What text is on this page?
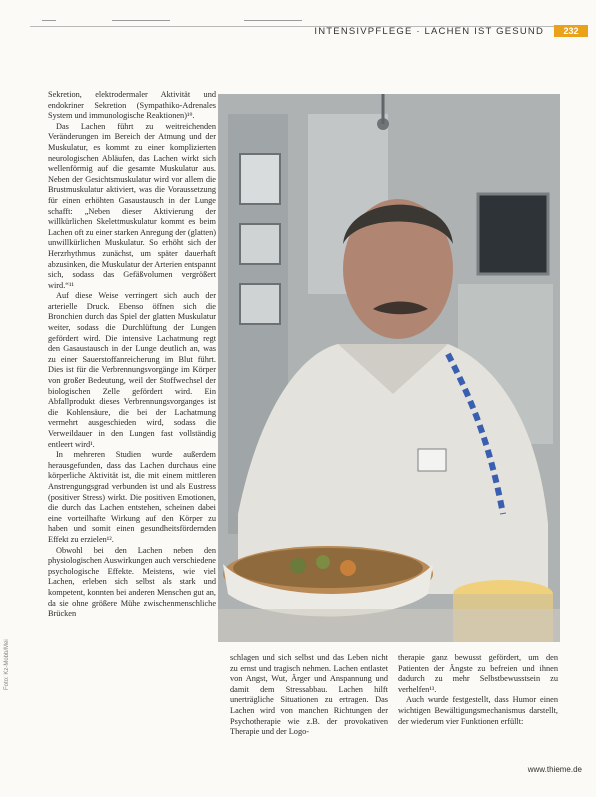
INTENSIVPFLEGE · LACHEN IST GESUND	232

Sekretion, elektrodermaler Aktivität und endokriner Sekretion (Sympathiko-Adrenales System und immunologische Reaktionen)¹⁹.

Das Lachen führt zu weitreichenden Veränderungen im Bereich der Atmung und der Muskulatur, es kommt zu einer komplizierten neurologischen Abläufen, das Lachen wirkt sich wellenförmig auf die gesamte Muskulatur aus. Neben der Gesichtsmuskulatur wird vor allem die Brustmuskulatur aktiviert, was die Voraussetzung für einen erhöhten Gasaustausch in der Lunge schafft: „Neben dieser Aktivierung der willkürlichen Skelettmuskulatur kommt es beim Lachen oft zu einer starken Anregung der (glatten) unwillkürlichen Muskulatur. So erhöht sich der Herzrhythmus zunächst, um später dauerhaft abzusinken, die Muskulatur der Arterien entspannt sich, sodass das Gefäßvolumen vergrößert wird.“¹¹

Auf diese Weise verringert sich auch der arterielle Druck. Ebenso öffnen sich die Bronchien durch das Spiel der glatten Muskulatur weiter, sodass die Durchlüftung der Lungen gefördert wird. Die intensive Lachatmung regt den Gasaustausch in der Lunge deutlich an, was zu einer Sauerstoffanreicherung im Blut führt. Dies ist für die Verbrennungsvorgänge im Körper von großer Bedeutung, weil der Stoffwechsel der biologischen Zelle gefördert wird. Ein Abfallprodukt dieses Verbrennungsvorganges ist die Kohlensäure, die bei der Lachatmung vermehrt ausgeschieden wird, sodass die Verweildauer in den Lungen fast vollständig entleert wird¹.

In mehreren Studien wurde außerdem herausgefunden, dass das Lachen durchaus eine körperliche Aktivität ist, die mit einem mittleren Anstrengungsgrad verbunden ist und als Eustress (positiver Stress) wirkt. Die positiven Emotionen, die durch das Lachen entstehen, scheinen dabei eine vorteilhafte Wirkung auf den Körper zu haben und somit einen gesundheitsfördernden Effekt zu erzielen¹².

Obwohl bei den Lachen neben den physiologischen Auswirkungen auch verschiedene psychologische Effekte. Meistens, wie viel Lachen, erleben sich selbst als stark und kompetent, konnten bei anderen Menschen gut an, da sie ohne größere Mühe zwischenmenschliche Brücken

schlagen und sich selbst und das Leben nicht zu ernst und tragisch nehmen. Lachen entlastet von Angst, Wut, Ärger und Anspannung und damit dem Stressabbau. Lachen hilft unerträgliche Situationen zu ertragen. Das Lachen wird von manchen Richtungen der Psychotherapie wie z.B. der provokativen Therapie und der Logo-

therapie ganz bewusst gefördert, um den Patienten der Ängste zu befreien und ihnen dadurch zu mehr Selbstbewusstsein zu verhelfen¹³.

Auch wurde festgestellt, dass Humor einen wichtigen Bewältigungsmechanismus darstellt, der wiederum vier Funktionen erfüllt:

Foto: Kz-Mobb/Mei
www.thieme.de
